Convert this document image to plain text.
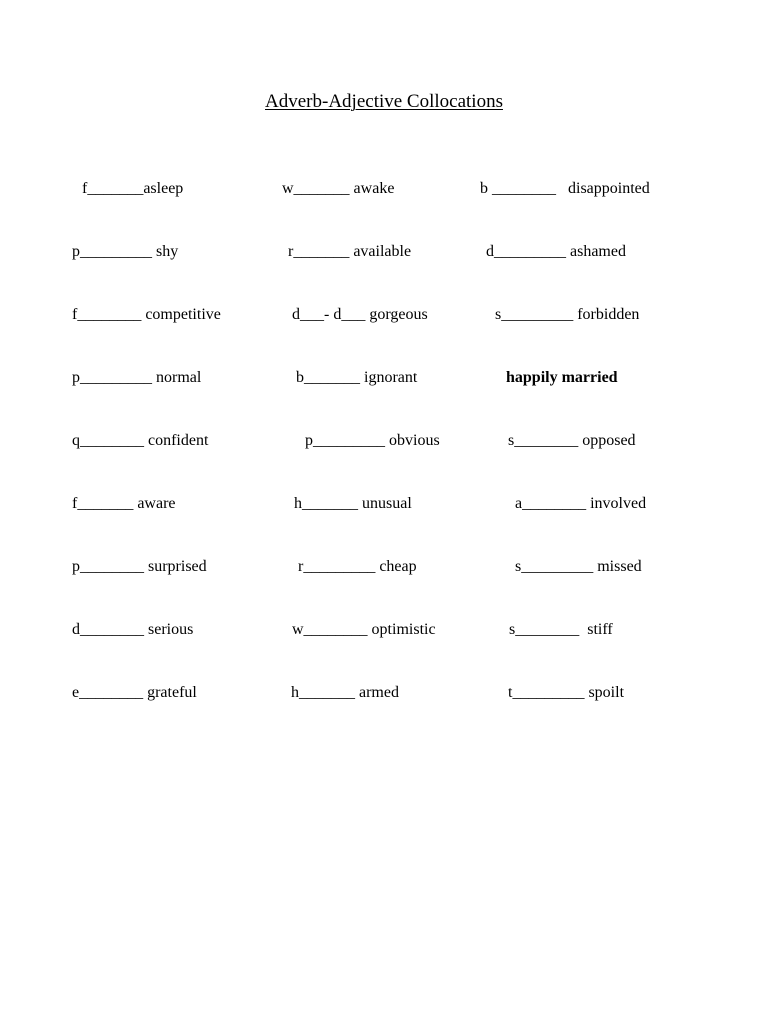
Adverb-Adjective Collocations
f_______asleep	w_______ awake	b ________   disappointed
p_________ shy	r_______ available	d_________ ashamed
f________ competitive	d___- d___ gorgeous	s_________ forbidden
p_________ normal	b_______ ignorant	happily married
q________ confident	p_________ obvious	s________ opposed
f_______ aware	h_______ unusual	a________ involved
p________ surprised	r_________ cheap	s_________ missed
d________ serious	w________ optimistic	s________  stiff
e________ grateful	h_______ armed	t_________ spoilt
